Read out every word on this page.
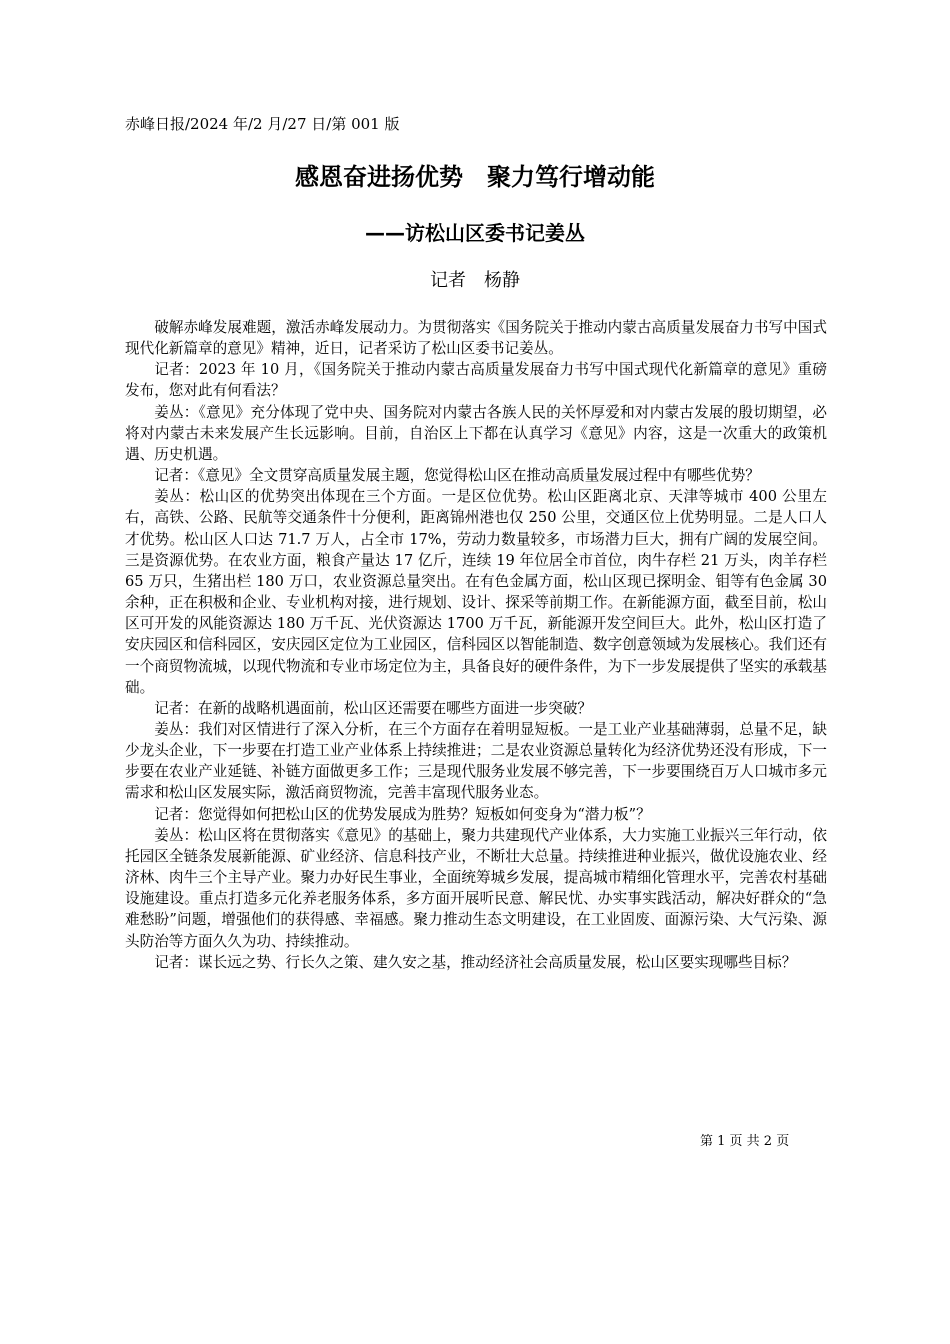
赤峰日报/2024 年/2 月/27 日/第 001 版
感恩奋进扬优势　聚力笃行增动能
——访松山区委书记姜丛
记者　杨静

破解赤峰发展难题，激活赤峰发展动力。为贯彻落实《国务院关于推动内蒙古高质量发展奋力书写中国式现代化新篇章的意见》精神，近日，记者采访了松山区委书记姜丛。

记者：2023 年 10 月，《国务院关于推动内蒙古高质量发展奋力书写中国式现代化新篇章的意见》重磅发布，您对此有何看法？

姜丛：《意见》充分体现了党中央、国务院对内蒙古各族人民的关怀厚爱和对内蒙古发展的殷切期望，必将对内蒙古未来发展产生长远影响。目前，自治区上下都在认真学习《意见》内容，这是一次重大的政策机遇、历史机遇。

记者：《意见》全文贯穿高质量发展主题，您觉得松山区在推动高质量发展过程中有哪些优势？

姜丛：松山区的优势突出体现在三个方面。一是区位优势。松山区距离北京、天津等城市 400 公里左右，高铁、公路、民航等交通条件十分便利，距离锦州港也仅 250 公里，交通区位上优势明显。二是人口人才优势。松山区人口达 71.7 万人，占全市 17%，劳动力数量较多，市场潜力巨大，拥有广阔的发展空间。三是资源优势。在农业方面，粮食产量达 17 亿斤，连续 19 年位居全市首位，肉牛存栏 21 万头，肉羊存栏 65 万只，生猪出栏 180 万口，农业资源总量突出。在有色金属方面，松山区现已探明金、钼等有色金属 30 余种，正在积极和企业、专业机构对接，进行规划、设计、探采等前期工作。在新能源方面，截至目前，松山区可开发的风能资源达 180 万千瓦、光伏资源达 1700 万千瓦，新能源开发空间巨大。此外，松山区打造了安庆园区和信科园区，安庆园区定位为工业园区，信科园区以智能制造、数字创意领域为发展核心。我们还有一个商贸物流城，以现代物流和专业市场定位为主，具备良好的硬件条件，为下一步发展提供了坚实的承载基础。

记者：在新的战略机遇面前，松山区还需要在哪些方面进一步突破？

姜丛：我们对区情进行了深入分析，在三个方面存在着明显短板。一是工业产业基础薄弱，总量不足，缺少龙头企业，下一步要在打造工业产业体系上持续推进；二是农业资源总量转化为经济优势还没有形成，下一步要在农业产业延链、补链方面做更多工作；三是现代服务业发展不够完善，下一步要围绕百万人口城市多元需求和松山区发展实际，激活商贸物流，完善丰富现代服务业态。

记者：您觉得如何把松山区的优势发展成为胜势？短板如何变身为“潜力板”？

姜丛：松山区将在贯彻落实《意见》的基础上，聚力共建现代产业体系，大力实施工业振兴三年行动，依托园区全链条发展新能源、矿业经济、信息科技产业，不断壮大总量。持续推进种业振兴，做优设施农业、经济林、肉牛三个主导产业。聚力办好民生事业，全面统筹城乡发展，提高城市精细化管理水平，完善农村基础设施建设。重点打造多元化养老服务体系，多方面开展听民意、解民忧、办实事实践活动，解决好群众的“急难愁盼”问题，增强他们的获得感、幸福感。聚力推动生态文明建设，在工业固废、面源污染、大气污染、源头防治等方面久久为功、持续推动。

记者：谋长远之势、行长久之策、建久安之基，推动经济社会高质量发展，松山区要实现哪些目标？

第 1 页 共 2 页
